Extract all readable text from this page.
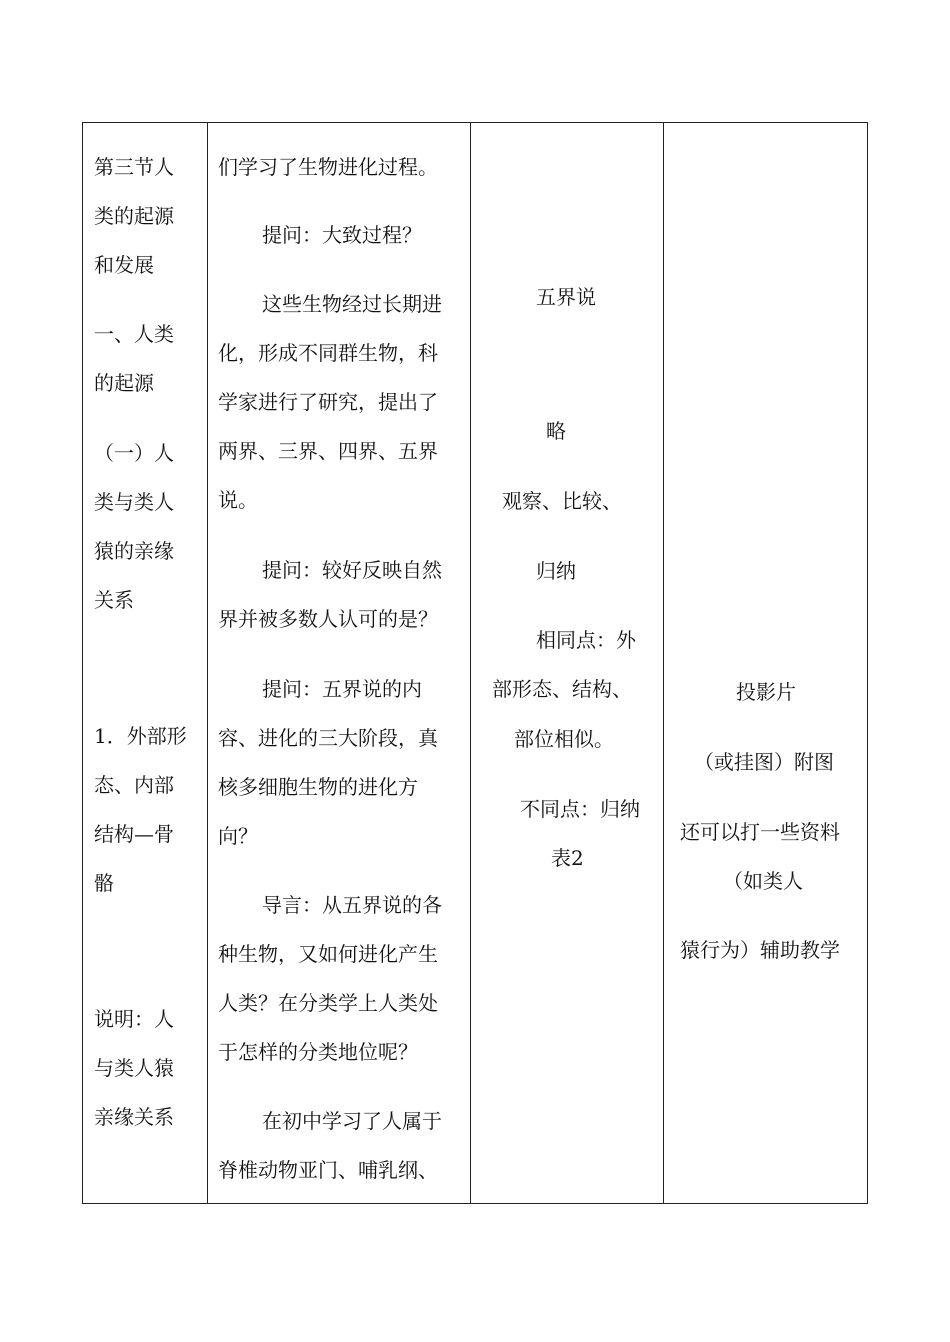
第三节人
类的起源
和发展
一、人类
的起源
（一）人
类与类人
猿的亲缘
关系
1．外部形
态、内部
结构—骨
骼
说明：人
与类人猿
亲缘关系
们学习了生物进化过程。
提问：大致过程？
这些生物经过长期进
化，形成不同群生物，科
学家进行了研究，提出了
两界、三界、四界、五界
说。
提问：较好反映自然
界并被多数人认可的是？
提问：五界说的内
容、进化的三大阶段，真
核多细胞生物的进化方
向？
导言：从五界说的各
种生物，又如何进化产生
人类？在分类学上人类处
于怎样的分类地位呢？
在初中学习了人属于
脊椎动物亚门、哺乳纲、
五界说
略
观察、比较、
归纳
相同点：外
部形态、结构、
部位相似。
不同点：归纳
表2
投影片
（或挂图）附图
还可以打一些资料
（如类人
猿行为）辅助教学
